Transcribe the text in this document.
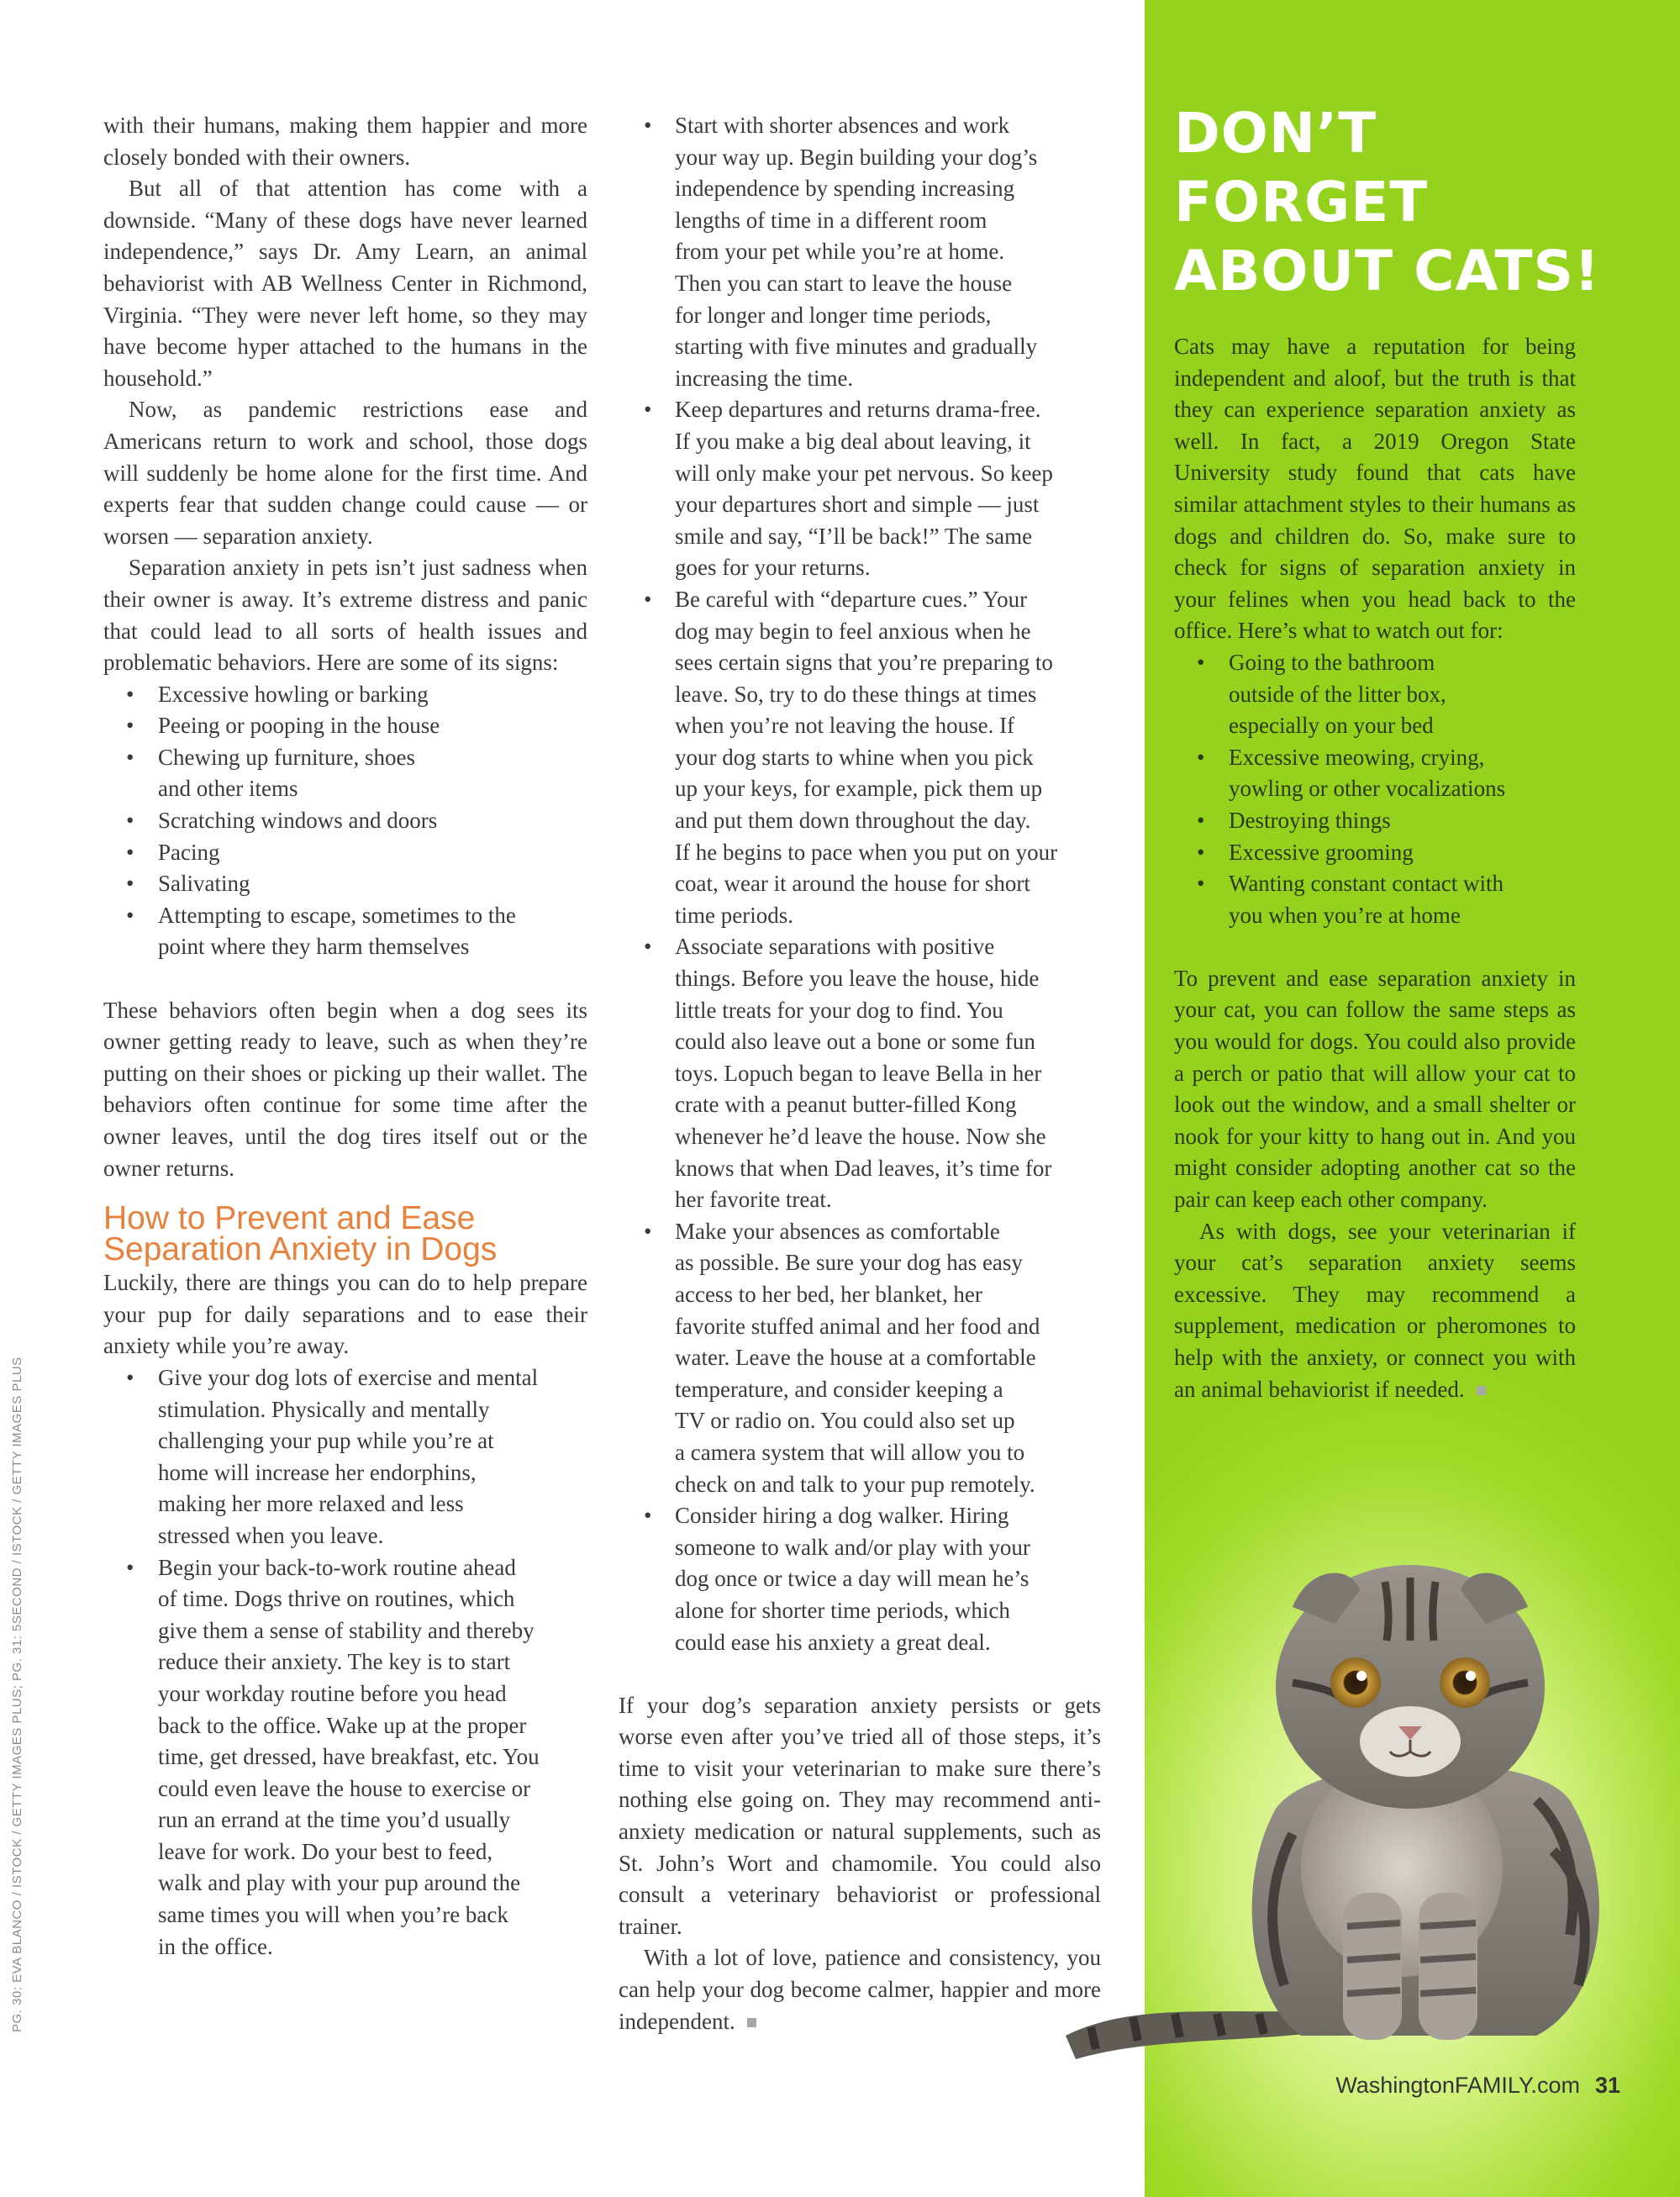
with their humans, making them happier and more closely bonded with their owners.

But all of that attention has come with a downside. “Many of these dogs have never learned independence,” says Dr. Amy Learn, an animal behaviorist with AB Wellness Center in Richmond, Virginia. “They were never left home, so they may have become hyper attached to the humans in the household.”

Now, as pandemic restrictions ease and Americans return to work and school, those dogs will suddenly be home alone for the first time. And experts fear that sudden change could cause — or worsen — separation anxiety.

Separation anxiety in pets isn’t just sadness when their owner is away. It’s extreme distress and panic that could lead to all sorts of health issues and problematic behaviors. Here are some of its signs:

• Excessive howling or barking
• Peeing or pooping in the house
• Chewing up furniture, shoes
and other items
• Scratching windows and doors
• Pacing
• Salivating
• Attempting to escape, sometimes to the
point where they harm themselves

These behaviors often begin when a dog sees its owner getting ready to leave, such as when they’re putting on their shoes or picking up their wallet. The behaviors often continue for some time after the owner leaves, until the dog tires itself out or the owner returns.

How to Prevent and Ease
Separation Anxiety in Dogs

Luckily, there are things you can do to help prepare your pup for daily separations and to ease their anxiety while you’re away.

• Give your dog lots of exercise and mental
stimulation. Physically and mentally
challenging your pup while you’re at
home will increase her endorphins,
making her more relaxed and less
stressed when you leave.
• Begin your back-to-work routine ahead
of time. Dogs thrive on routines, which
give them a sense of stability and thereby
reduce their anxiety. The key is to start
your workday routine before you head
back to the office. Wake up at the proper
time, get dressed, have breakfast, etc. You
could even leave the house to exercise or
run an errand at the time you’d usually
leave for work. Do your best to feed,
walk and play with your pup around the
same times you will when you’re back
in the office.
• Start with shorter absences and work
your way up. Begin building your dog’s
independence by spending increasing
lengths of time in a different room
from your pet while you’re at home.
Then you can start to leave the house
for longer and longer time periods,
starting with five minutes and gradually
increasing the time.
• Keep departures and returns drama-free.
If you make a big deal about leaving, it
will only make your pet nervous. So keep
your departures short and simple — just
smile and say, “I’ll be back!” The same
goes for your returns.
• Be careful with “departure cues.” Your
dog may begin to feel anxious when he
sees certain signs that you’re preparing to
leave. So, try to do these things at times
when you’re not leaving the house. If
your dog starts to whine when you pick
up your keys, for example, pick them up
and put them down throughout the day.
If he begins to pace when you put on your
coat, wear it around the house for short
time periods.
• Associate separations with positive
things. Before you leave the house, hide
little treats for your dog to find. You
could also leave out a bone or some fun
toys. Lopuch began to leave Bella in her
crate with a peanut butter-filled Kong
whenever he’d leave the house. Now she
knows that when Dad leaves, it’s time for
her favorite treat.
• Make your absences as comfortable
as possible. Be sure your dog has easy
access to her bed, her blanket, her
favorite stuffed animal and her food and
water. Leave the house at a comfortable
temperature, and consider keeping a
TV or radio on. You could also set up
a camera system that will allow you to
check on and talk to your pup remotely.
• Consider hiring a dog walker. Hiring
someone to walk and/or play with your
dog once or twice a day will mean he’s
alone for shorter time periods, which
could ease his anxiety a great deal.

If your dog’s separation anxiety persists or gets worse even after you’ve tried all of those steps, it’s time to visit your veterinarian to make sure there’s nothing else going on. They may recommend anti-anxiety medication or natural supplements, such as St. John’s Wort and chamomile. You could also consult a veterinary behaviorist or professional trainer.

With a lot of love, patience and consistency, you can help your dog become calmer, happier and more independent.

DON’T
FORGET
ABOUT CATS!

Cats may have a reputation for being independent and aloof, but the truth is that they can experience separation anxiety as well. In fact, a 2019 Oregon State University study found that cats have similar attachment styles to their humans as dogs and children do. So, make sure to check for signs of separation anxiety in your felines when you head back to the office. Here’s what to watch out for:

• Going to the bathroom
outside of the litter box,
especially on your bed
• Excessive meowing, crying,
yowling or other vocalizations
• Destroying things
• Excessive grooming
• Wanting constant contact with
you when you’re at home

To prevent and ease separation anxiety in your cat, you can follow the same steps as you would for dogs. You could also provide a perch or patio that will allow your cat to look out the window, and a small shelter or nook for your kitty to hang out in. And you might consider adopting another cat so the pair can keep each other company.

As with dogs, see your veterinarian if your cat’s separation anxiety seems excessive. They may recommend a supplement, medication or pheromones to help with the anxiety, or connect you with an animal behaviorist if needed.

PG. 30: EVA BLANCO / ISTOCK / GETTY IMAGES PLUS; PG. 31: 5SECOND / ISTOCK / GETTY IMAGES PLUS
WashingtonFAMILY.com 31
